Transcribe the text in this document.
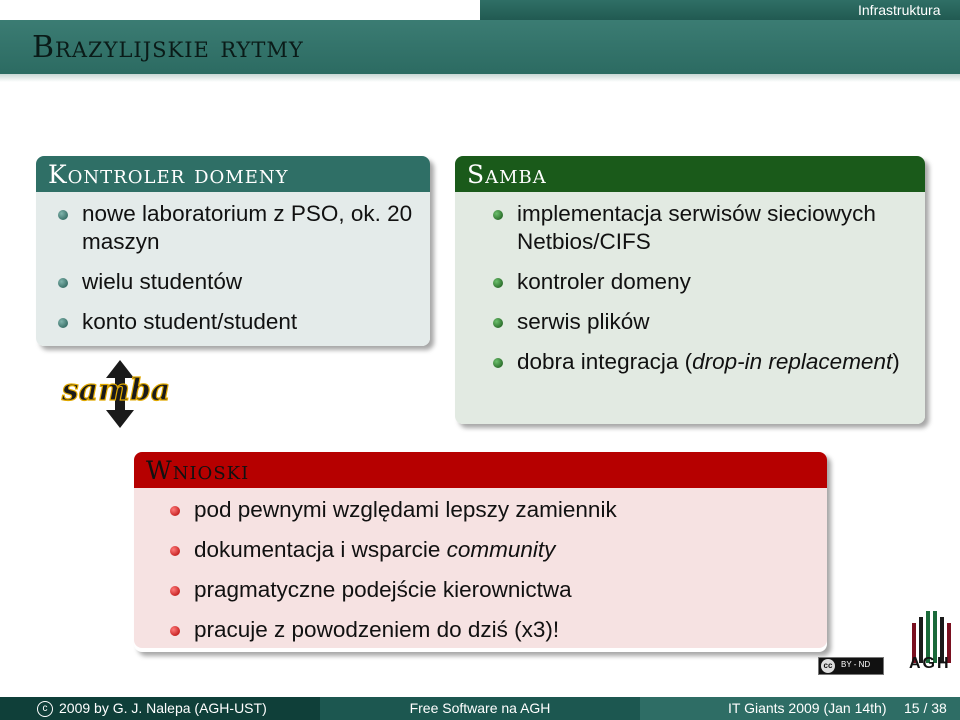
Infrastruktura
Brazylijskie rytmy
Kontroler domeny
nowe laboratorium z PSO, ok. 20 maszyn
wielu studentów
konto student/student
samba
Samba
implementacja serwisów sieciowych Netbios/CIFS
kontroler domeny
serwis plików
dobra integracja (drop-in replacement)
Wnioski
pod pewnymi względami lepszy zamiennik
dokumentacja i wsparcie community
pragmatyczne podejście kierownictwa
pracuje z powodzeniem do dziś (x3)!
cc	BY - ND AGH
c 2009 by G. J. Nalepa (AGH-UST)	Free Software na AGH	IT Giants 2009 (Jan 14th) 15 / 38
